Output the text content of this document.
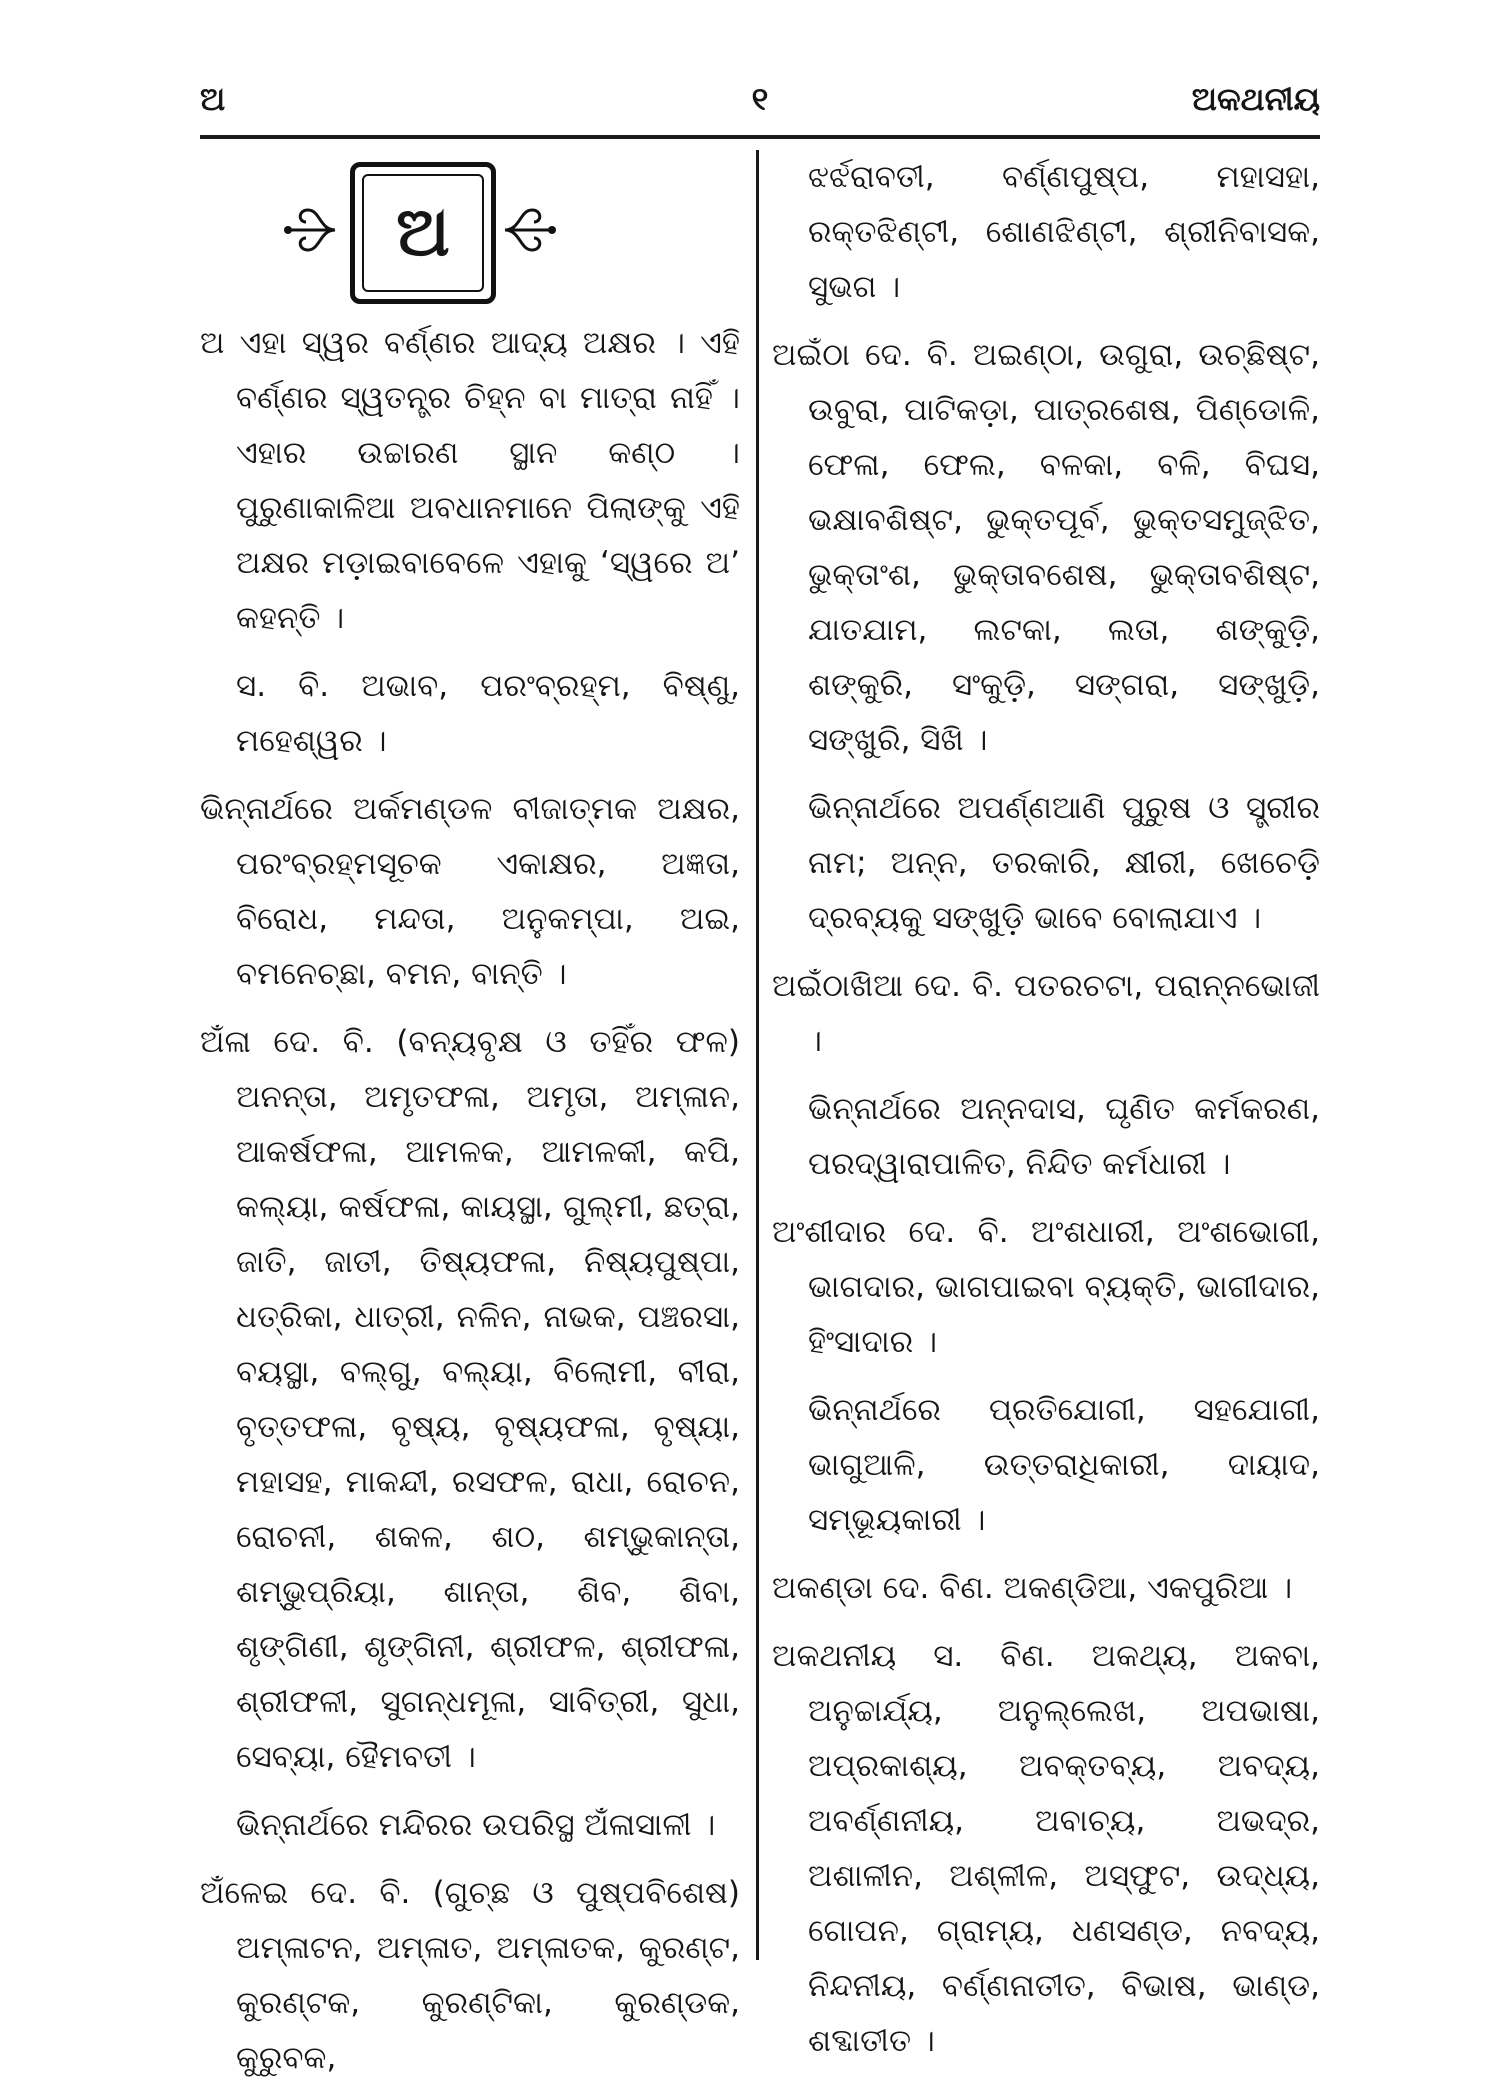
ଅ	୧	ଅକଥନୀୟ
ଅ

ଅ ଏହା ସ୍ୱର ବର୍ଣ୍ଣର ଆଦ୍ୟ ଅକ୍ଷର । ଏହି ବର୍ଣ୍ଣର ସ୍ୱତନ୍ତ୍ର ଚିହ୍ନ ବା ମାତ୍ରା ନାହିଁ । ଏହାର ଉଚ୍ଚାରଣ ସ୍ଥାନ କଣ୍ଠ । ପୁରୁଣାକାଳିଆ ଅବଧାନମାନେ ପିଲାଙ୍କୁ ଏହି ଅକ୍ଷର ମଡ଼ାଇବାବେଳେ ଏହାକୁ ‘ସ୍ୱରେ ଅ’ କହନ୍ତି ।

ସ. ବି. ଅଭାବ, ପରଂବ୍ରହ୍ମ, ବିଷ୍ଣୁ, ମହେଶ୍ୱର ।

ଭିନ୍ନାର୍ଥରେ ଅର୍କମଣ୍ଡଳ ବୀଜାତ୍ମକ ଅକ୍ଷର, ପରଂବ୍ରହ୍ମସୂଚକ ଏକାକ୍ଷର, ଅଜ୍ଞତା, ବିରୋଧ, ମନ୍ଦତା, ଅନୁକମ୍ପା, ଅଇ, ବମନେଚ୍ଛା, ବମନ, ବାନ୍ତି ।

ଅଁଳା ଦେ. ବି. (ବନ୍ୟବୃକ୍ଷ ଓ ତହିଁର ଫଳ) ଅନନ୍ତା, ଅମୃତଫଳା, ଅମୃତା, ଅମ୍ଳାନ, ଆକର୍ଷଫଳା, ଆମଳକ, ଆମଳକୀ, କପି, କଲ୍ୟା, କର୍ଷଫଳା, କାୟସ୍ଥା, ଗୁଲ୍ମୀ, ଛତ୍ରା, ଜାତି, ଜାତୀ, ତିଷ୍ୟଫଳା, ନିଷ୍ୟପୁଷ୍ପା, ଧତ୍ରିକା, ଧାତ୍ରୀ, ନଳିନ, ନାଭକ, ପଞ୍ଚରସା, ବୟସ୍ଥା, ବଲ୍ଗୁ, ବଲ୍ୟା, ବିଲୋମୀ, ବୀରା, ବୃତ୍ତଫଳା, ବୃଷ୍ୟ, ବୃଷ୍ୟଫଳା, ବୃଷ୍ୟା, ମହାସହ, ମାକନ୍ଦୀ, ରସଫଳ, ରାଧା, ରୋଚନ, ରୋଚନୀ, ଶକଳ, ଶଠ, ଶମ୍ଭୁକାନ୍ତା, ଶମ୍ଭୁପ୍ରିୟା, ଶାନ୍ତା, ଶିବ, ଶିବା, ଶୃଙ୍ଗିଣୀ, ଶୃଙ୍ଗିନୀ, ଶ୍ରୀଫଳ, ଶ୍ରୀଫଳା, ଶ୍ରୀଫଳୀ, ସୁଗନ୍ଧମୂଳା, ସାବିତ୍ରୀ, ସୁଧା, ସେବ୍ୟା, ହୈମବତୀ ।

ଭିନ୍ନାର୍ଥରେ ମନ୍ଦିରର ଉପରିସ୍ଥ ଅଁଳାସାଳୀ ।

ଅଁଳେଇ ଦେ. ବି. (ଗୁଚ୍ଛ ଓ ପୁଷ୍ପବିଶେଷ) ଅମ୍ଳାଟନ, ଅମ୍ଳାତ, ଅମ୍ଳାତକ, କୁରଣ୍ଟ, କୁରଣ୍ଟକ, କୁରଣ୍ଟିକା, କୁରଣ୍ଡକ, କୁରୁବକ,

ଝର୍ଝରାବତୀ, ବର୍ଣ୍ଣପୁଷ୍ପ, ମହାସହା, ରକ୍ତଝିଣ୍ଟୀ, ଶୋଣଝିଣ୍ଟୀ, ଶ୍ରୀନିବାସକ, ସୁଭଗ ।

ଅଇଁଠା ଦେ. ବି. ଅଇଣ୍ଠା, ଉଗୁରା, ଉଚ୍ଛିଷ୍ଟ, ଉବୁରା, ପାଟିକଡ଼ା, ପାତ୍ରଶେଷ, ପିଣ୍ଡୋଳି, ଫେଳା, ଫେଲ, ବଳକା, ବଳି, ବିଘସ, ଭକ୍ଷାବଶିଷ୍ଟ, ଭୁକ୍ତପୂର୍ବ, ଭୁକ୍ତସମୁଜ୍ଝିତ, ଭୁକ୍ତାଂଶ, ଭୁକ୍ତାବଶେଷ, ଭୁକ୍ତାବଶିଷ୍ଟ, ଯାତଯାମ, ଲଟକା, ଲତା, ଶଙ୍କୁଡ଼ି, ଶଙ୍କୁରି, ସଂକୁଡ଼ି, ସଙ୍ଗରା, ସଙ୍ଖୁଡ଼ି, ସଙ୍ଖୁରି, ସିଖି ।

ଭିନ୍ନାର୍ଥରେ ଅପର୍ଣ୍ଣଆଣି ପୁରୁଷ ଓ ସ୍ତ୍ରୀର ନାମ; ଅନ୍ନ, ତରକାରି, କ୍ଷୀରୀ, ଖେଚେଡ଼ି ଦ୍ରବ୍ୟକୁ ସଙ୍ଖୁଡ଼ି ଭାବେ ବୋଲାଯାଏ ।

ଅଇଁଠାଖିଆ ଦେ. ବି. ପତରଚଟା, ପରାନ୍ନଭୋଜୀ ।

ଭିନ୍ନାର୍ଥରେ ଅନ୍ନଦାସ, ଘୃଣିତ କର୍ମକରଣ, ପରଦ୍ୱାରାପାଳିତ, ନିନ୍ଦିତ କର୍ମଧାରୀ ।

ଅଂଶୀଦାର ଦେ. ବି. ଅଂଶଧାରୀ, ଅଂଶଭୋଗୀ, ଭାଗଦାର, ଭାଗପାଇବା ବ୍ୟକ୍ତି, ଭାଗୀଦାର, ହିଂସାଦାର ।

ଭିନ୍ନାର୍ଥରେ ପ୍ରତିଯୋଗୀ, ସହଯୋଗୀ, ଭାଗୁଆଳି, ଉତ୍ତରାଧିକାରୀ, ଦାୟାଦ, ସମ୍ଭୂୟକାରୀ ।

ଅକଣ୍ଡା ଦେ. ବିଣ. ଅକଣ୍ଡିଆ, ଏକପୁରିଆ ।

ଅକଥନୀୟ ସ. ବିଣ. ଅକଥ୍ୟ, ଅକବା, ଅନୁଚ୍ଚାର୍ଯ୍ୟ, ଅନୁଲ୍ଲେଖ, ଅପଭାଷା, ଅପ୍ରକାଶ୍ୟ, ଅବକ୍ତବ୍ୟ, ଅବଦ୍ୟ, ଅବର୍ଣ୍ଣନୀୟ, ଅବାଚ୍ୟ, ଅଭଦ୍ର, ଅଶାଳୀନ, ଅଶ୍ଳୀଳ, ଅସ୍ଫୁଟ, ଉଦ୍ଧ୍ୟ, ଗୋପନ, ଗ୍ରାମ୍ୟ, ଧଣସଣ୍ଡ, ନବଦ୍ୟ, ନିନ୍ଦନୀୟ, ବର୍ଣ୍ଣନାତୀତ, ବିଭାଷ, ଭାଣ୍ଡ, ଶବ୍ଦାତୀତ ।
